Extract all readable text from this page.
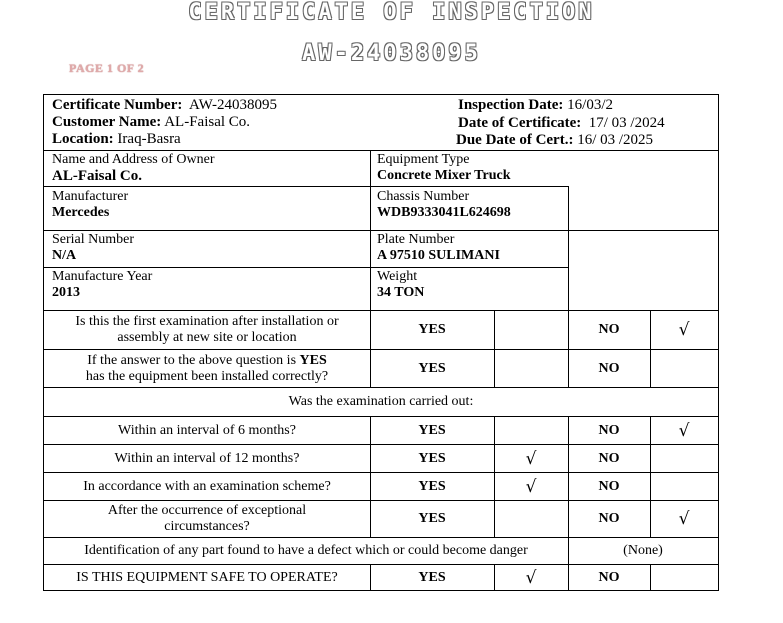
CERTIFICATE OF INSPECTION
AW-24038095
PAGE 1 OF 2
Certificate Number: AW-24038095
Customer Name: AL-Faisal Co.
Location: Iraq-Basra
Inspection Date: 16/03/2
Date of Certificate: 17/ 03 /2024
Due Date of Cert.: 16/ 03 /2025
Name and Address of Owner
AL-Faisal Co.
Equipment Type
Concrete Mixer Truck
Manufacturer
Mercedes
Chassis Number
WDB9333041L624698
Serial Number
N/A
Plate Number
A 97510 SULIMANI
Manufacture Year
2013
Weight
34 TON
Is this the first examination after installation or
assembly at new site or location
YES	NO	√
If the answer to the above question is YES
has the equipment been installed correctly?
YES	NO
Was the examination carried out:
Within an interval of 6 months?	YES	NO	√
Within an interval of 12 months?	YES	√	NO
In accordance with an examination scheme?	YES	√	NO
After the occurrence of exceptional
circumstances?
YES	NO	√
Identification of any part found to have a defect which or could become danger	(None)
IS THIS EQUIPMENT SAFE TO OPERATE?	YES	√	NO
